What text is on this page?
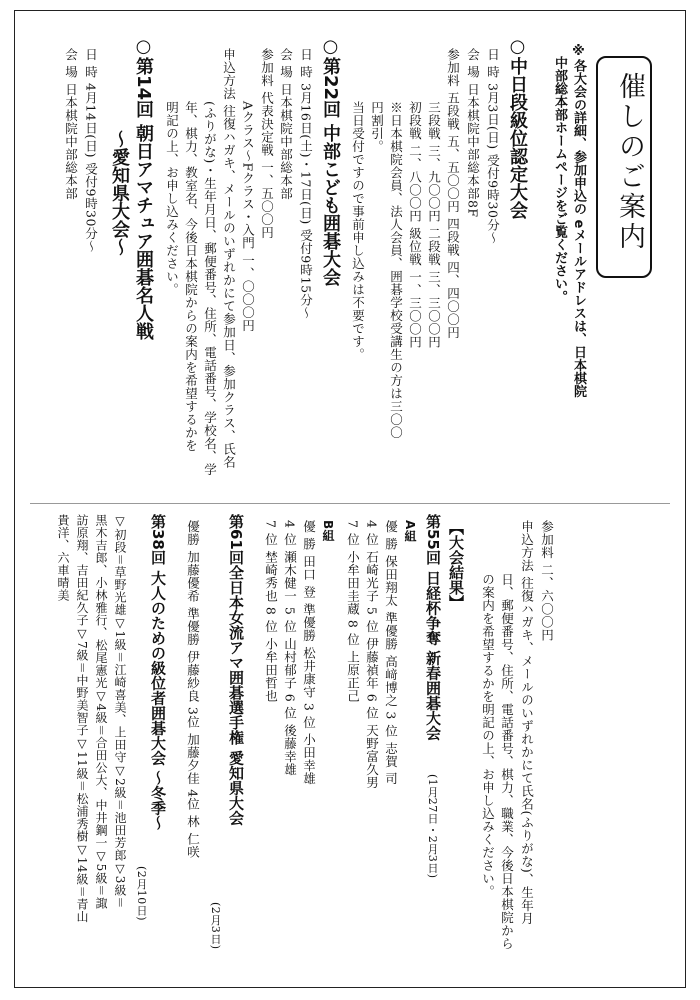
催しのご案内
※各大会の詳細、参加申込の eメールアドレスは、日本棋院
中部総本部ホームページをご覧ください。
○中日段級位認定大会
日 時 3月3日(日) 受付9時30分～
会 場 日本棋院中部総本部8F
参加料 五段戦 五、五〇〇円 四段戦 四、四〇〇円
三段戦 三、九〇〇円 二段戦 三、三〇〇円
初段戦 二、八〇〇円 級位戦 一、三〇〇円
※日本棋院会員、法人会員、囲碁学校受講生の方は三〇〇
円割引。
当日受付ですので事前申し込みは不要です。
○第22回 中部こども囲碁大会
日 時 3月16日(土)・17日(日) 受付9時15分～
会 場 日本棋院中部総本部
参加料 代表決定戦 一、五〇〇円
Aクラス～Fクラス・入門 一、〇〇〇円
申込方法 往復ハガキ、メールのいずれかにて参加日、参加クラス、氏名
(ふりがな)・生年月日、郵便番号、住所、電話番号、学校名、学
年、棋力、教室名、今後日本棋院からの案内を希望するかを
明記の上、お申し込みください。
○第14回 朝日アマチュア囲碁名人戦
～愛知県大会～
日 時 4月14日(日) 受付9時30分～
会 場 日本棋院中部総本部
参加料 二、六〇〇円
申込方法 往復ハガキ、メールのいずれかにて氏名(ふりがな)、生年月
日、郵便番号、住所、電話番号、棋力、職業、今後日本棋院から
の案内を希望するかを明記の上、お申し込みください。
【大会結果】
第55回 日経杯争奪 新春囲碁大会
(1月27日・2月3日)
A組
優 勝 保田翔太 準優勝 高﨑博之 3 位 志賀 司
4 位 石崎光子 5 位 伊藤禎年 6 位 天野富久男
7 位 小牟田圭蔵 8 位 上原正己
B組
優 勝 田口 登 準優勝 松井康守 3 位 小田幸雄
4 位 瀬木健一 5 位 山村郁子 6 位 後藤幸雄
7 位 埜崎秀也 8 位 小牟田哲也
第61回全日本女流アマ囲碁選手権 愛知県大会
(2月3日)
優勝 加藤優希 準優勝 伊藤紗良 3位 加藤夕佳 4位 林 仁咲
第38回 大人のための級位者囲碁大会 ～冬季～
(2月10日)
▽初段＝草野光雄▽1級＝江崎喜美、上田守▽2級＝池田芳郎▽3級＝
黒木吉郎、小林雅行、松尾憲光▽4級＝合田公大、中井鋼一▽5級＝諏
訪原翔、吉田紀久子▽7級＝中野美智子▽11級＝松浦秀樹▽14級＝青山
貴洋、六車晴美
